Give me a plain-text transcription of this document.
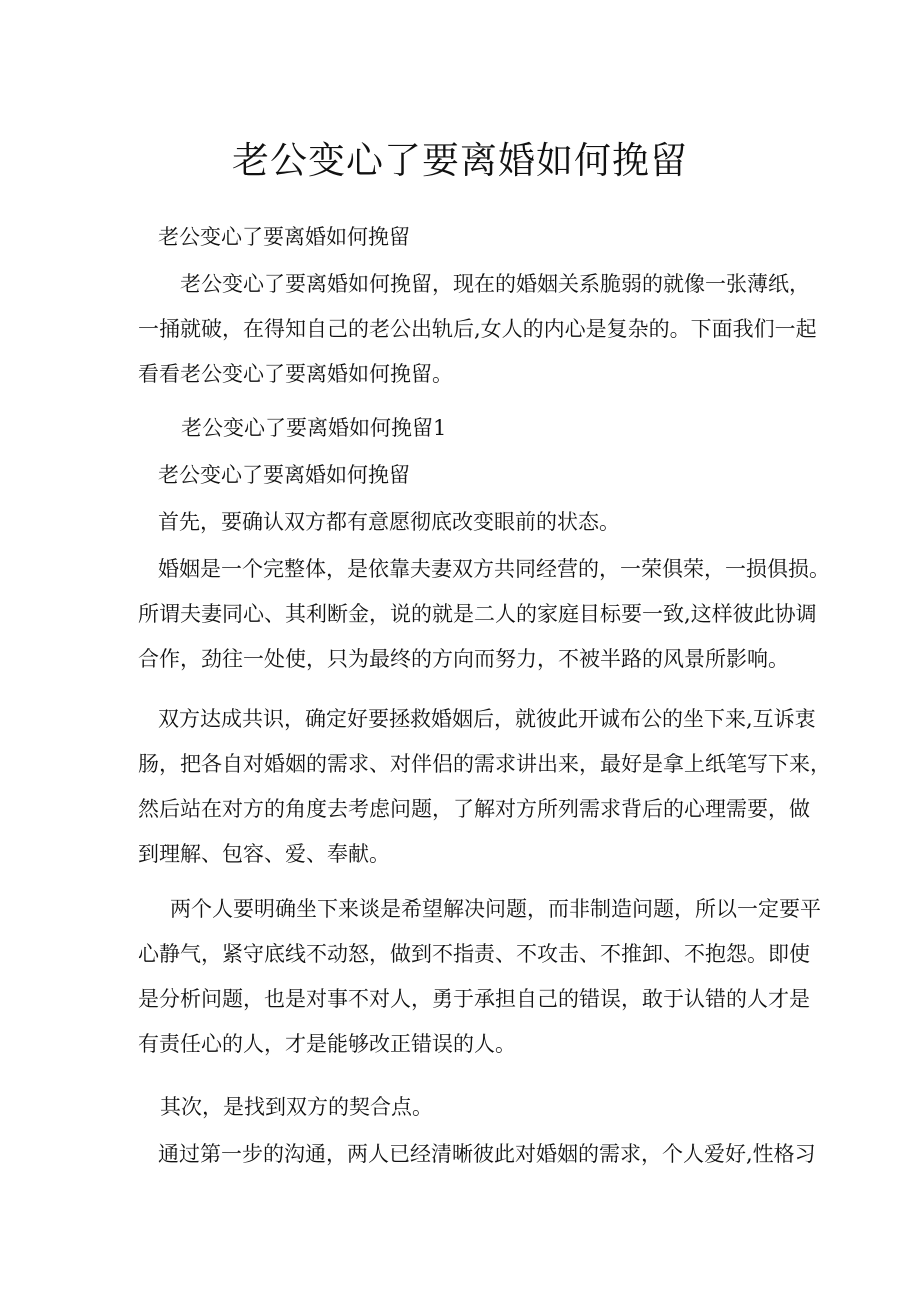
老公变心了要离婚如何挽留

老公变心了要离婚如何挽留

老公变心了要离婚如何挽留，现在的婚姻关系脆弱的就像一张薄纸，
一捅就破，在得知自己的老公出轨后,女人的内心是复杂的。下面我们一起
看看老公变心了要离婚如何挽留。

老公变心了要离婚如何挽留1

老公变心了要离婚如何挽留

首先，要确认双方都有意愿彻底改变眼前的状态。

婚姻是一个完整体，是依靠夫妻双方共同经营的，一荣俱荣，一损俱损。
所谓夫妻同心、其利断金，说的就是二人的家庭目标要一致,这样彼此协调
合作，劲往一处使，只为最终的方向而努力，不被半路的风景所影响。
双方达成共识，确定好要拯救婚姻后，就彼此开诚布公的坐下来,互诉衷
肠，把各自对婚姻的需求、对伴侣的需求讲出来，最好是拿上纸笔写下来，
然后站在对方的角度去考虑问题，了解对方所列需求背后的心理需要，做
到理解、包容、爱、奉献。
两个人要明确坐下来谈是希望解决问题，而非制造问题，所以一定要平
心静气，紧守底线不动怒，做到不指责、不攻击、不推卸、不抱怨。即使
是分析问题，也是对事不对人，勇于承担自己的错误，敢于认错的人才是
有责任心的人，才是能够改正错误的人。

其次，是找到双方的契合点。

通过第一步的沟通，两人已经清晰彼此对婚姻的需求，个人爱好,性格习
